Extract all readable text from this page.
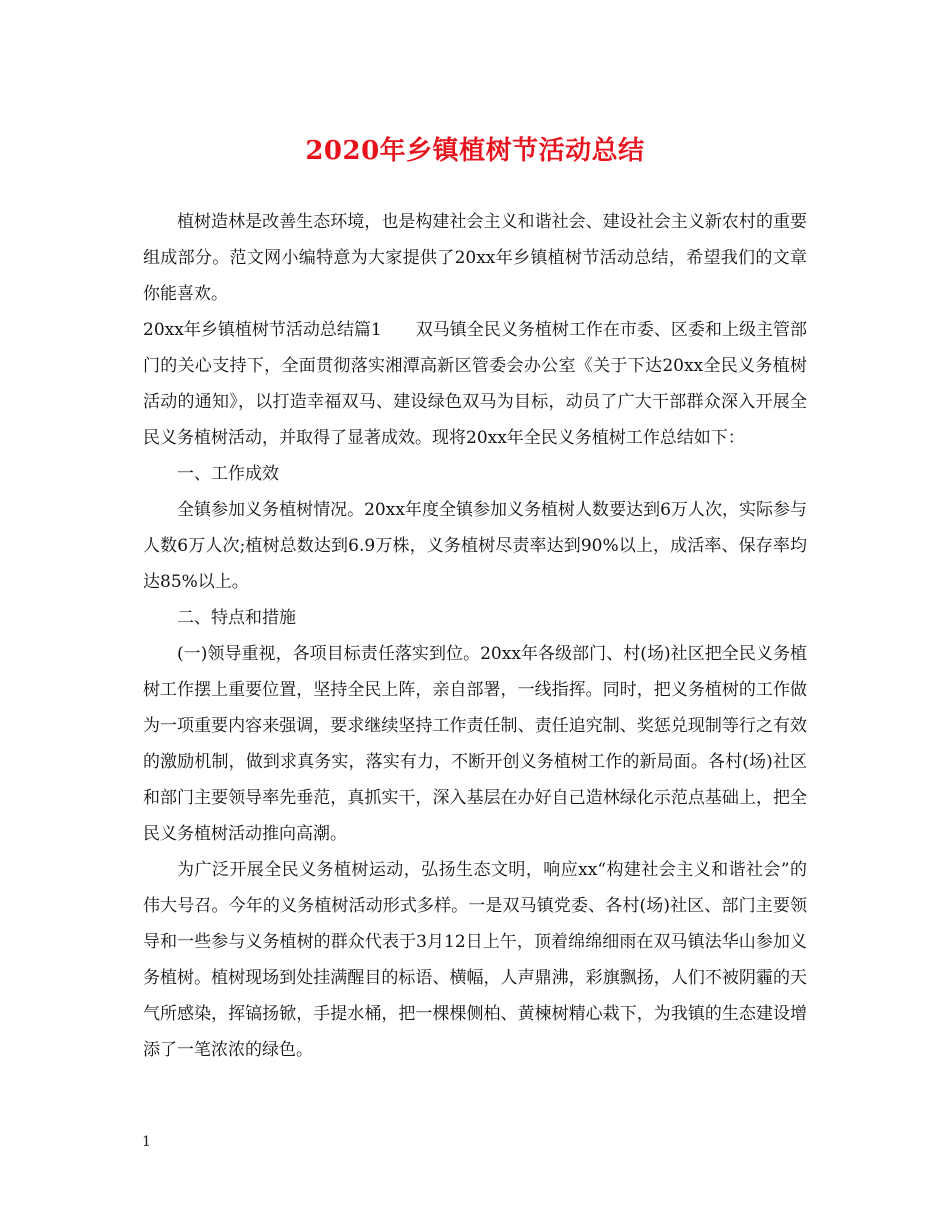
2020年乡镇植树节活动总结

植树造林是改善生态环境，也是构建社会主义和谐社会、建设社会主义新农村的重要组成部分。范文网小编特意为大家提供了20xx年乡镇植树节活动总结，希望我们的文章你能喜欢。

20xx年乡镇植树节活动总结篇1　　双马镇全民义务植树工作在市委、区委和上级主管部门的关心支持下，全面贯彻落实湘潭高新区管委会办公室《关于下达20xx全民义务植树活动的通知》，以打造幸福双马、建设绿色双马为目标，动员了广大干部群众深入开展全民义务植树活动，并取得了显著成效。现将20xx年全民义务植树工作总结如下：

一、工作成效

全镇参加义务植树情况。20xx年度全镇参加义务植树人数要达到6万人次，实际参与人数6万人次;植树总数达到6.9万株，义务植树尽责率达到90%以上，成活率、保存率均达85%以上。

二、特点和措施

(一)领导重视，各项目标责任落实到位。20xx年各级部门、村(场)社区把全民义务植树工作摆上重要位置，坚持全民上阵，亲自部署，一线指挥。同时，把义务植树的工作做为一项重要内容来强调，要求继续坚持工作责任制、责任追究制、奖惩兑现制等行之有效的激励机制，做到求真务实，落实有力，不断开创义务植树工作的新局面。各村(场)社区和部门主要领导率先垂范，真抓实干，深入基层在办好自己造林绿化示范点基础上，把全民义务植树活动推向高潮。

为广泛开展全民义务植树运动，弘扬生态文明，响应xx“构建社会主义和谐社会”的伟大号召。今年的义务植树活动形式多样。一是双马镇党委、各村(场)社区、部门主要领导和一些参与义务植树的群众代表于3月12日上午，顶着绵绵细雨在双马镇法华山参加义务植树。植树现场到处挂满醒目的标语、横幅，人声鼎沸，彩旗飘扬，人们不被阴霾的天气所感染，挥镐扬锨，手提水桶，把一棵棵侧柏、黄楝树精心栽下，为我镇的生态建设增添了一笔浓浓的绿色。

1
